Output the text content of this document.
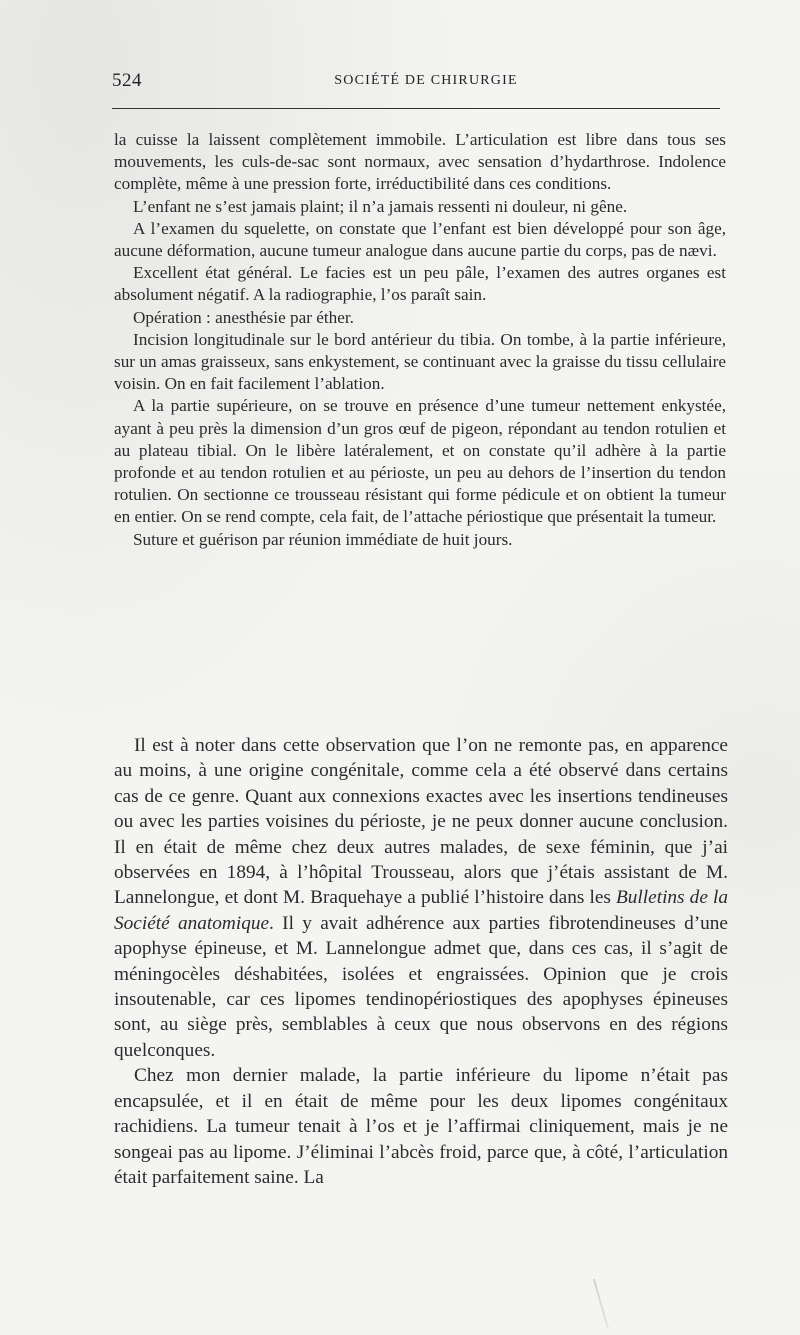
524	SOCIÉTÉ DE CHIRURGIE

la cuisse la laissent complètement immobile. L’articulation est libre dans tous ses mouvements, les culs-de-sac sont normaux, avec sensation d’hydarthrose. Indolence complète, même à une pression forte, irréductibilité dans ces conditions.

L’enfant ne s’est jamais plaint; il n’a jamais ressenti ni douleur, ni gêne.

A l’examen du squelette, on constate que l’enfant est bien développé pour son âge, aucune déformation, aucune tumeur analogue dans aucune partie du corps, pas de nævi.

Excellent état général. Le facies est un peu pâle, l’examen des autres organes est absolument négatif. A la radiographie, l’os paraît sain.

Opération : anesthésie par éther.

Incision longitudinale sur le bord antérieur du tibia. On tombe, à la partie inférieure, sur un amas graisseux, sans enkystement, se continuant avec la graisse du tissu cellulaire voisin. On en fait facilement l’ablation.

A la partie supérieure, on se trouve en présence d’une tumeur nettement enkystée, ayant à peu près la dimension d’un gros œuf de pigeon, répondant au tendon rotulien et au plateau tibial. On le libère latéralement, et on constate qu’il adhère à la partie profonde et au tendon rotulien et au périoste, un peu au dehors de l’insertion du tendon rotulien. On sectionne ce trousseau résistant qui forme pédicule et on obtient la tumeur en entier. On se rend compte, cela fait, de l’attache périostique que présentait la tumeur.

Suture et guérison par réunion immédiate de huit jours.

Il est à noter dans cette observation que l’on ne remonte pas, en apparence au moins, à une origine congénitale, comme cela a été observé dans certains cas de ce genre. Quant aux connexions exactes avec les insertions tendineuses ou avec les parties voisines du périoste, je ne peux donner aucune conclusion. Il en était de même chez deux autres malades, de sexe féminin, que j’ai observées en 1894, à l’hôpital Trousseau, alors que j’étais assistant de M. Lannelongue, et dont M. Braquehaye a publié l’histoire dans les Bulletins de la Société anatomique. Il y avait adhérence aux parties fibrotendineuses d’une apophyse épineuse, et M. Lannelongue admet que, dans ces cas, il s’agit de méningocèles déshabitées, isolées et engraissées. Opinion que je crois insoutenable, car ces lipomes tendinopériostiques des apophyses épineuses sont, au siège près, semblables à ceux que nous observons en des régions quelconques.

Chez mon dernier malade, la partie inférieure du lipome n’était pas encapsulée, et il en était de même pour les deux lipomes congénitaux rachidiens. La tumeur tenait à l’os et je l’affirmai cliniquement, mais je ne songeai pas au lipome. J’éliminai l’abcès froid, parce que, à côté, l’articulation était parfaitement saine. La
